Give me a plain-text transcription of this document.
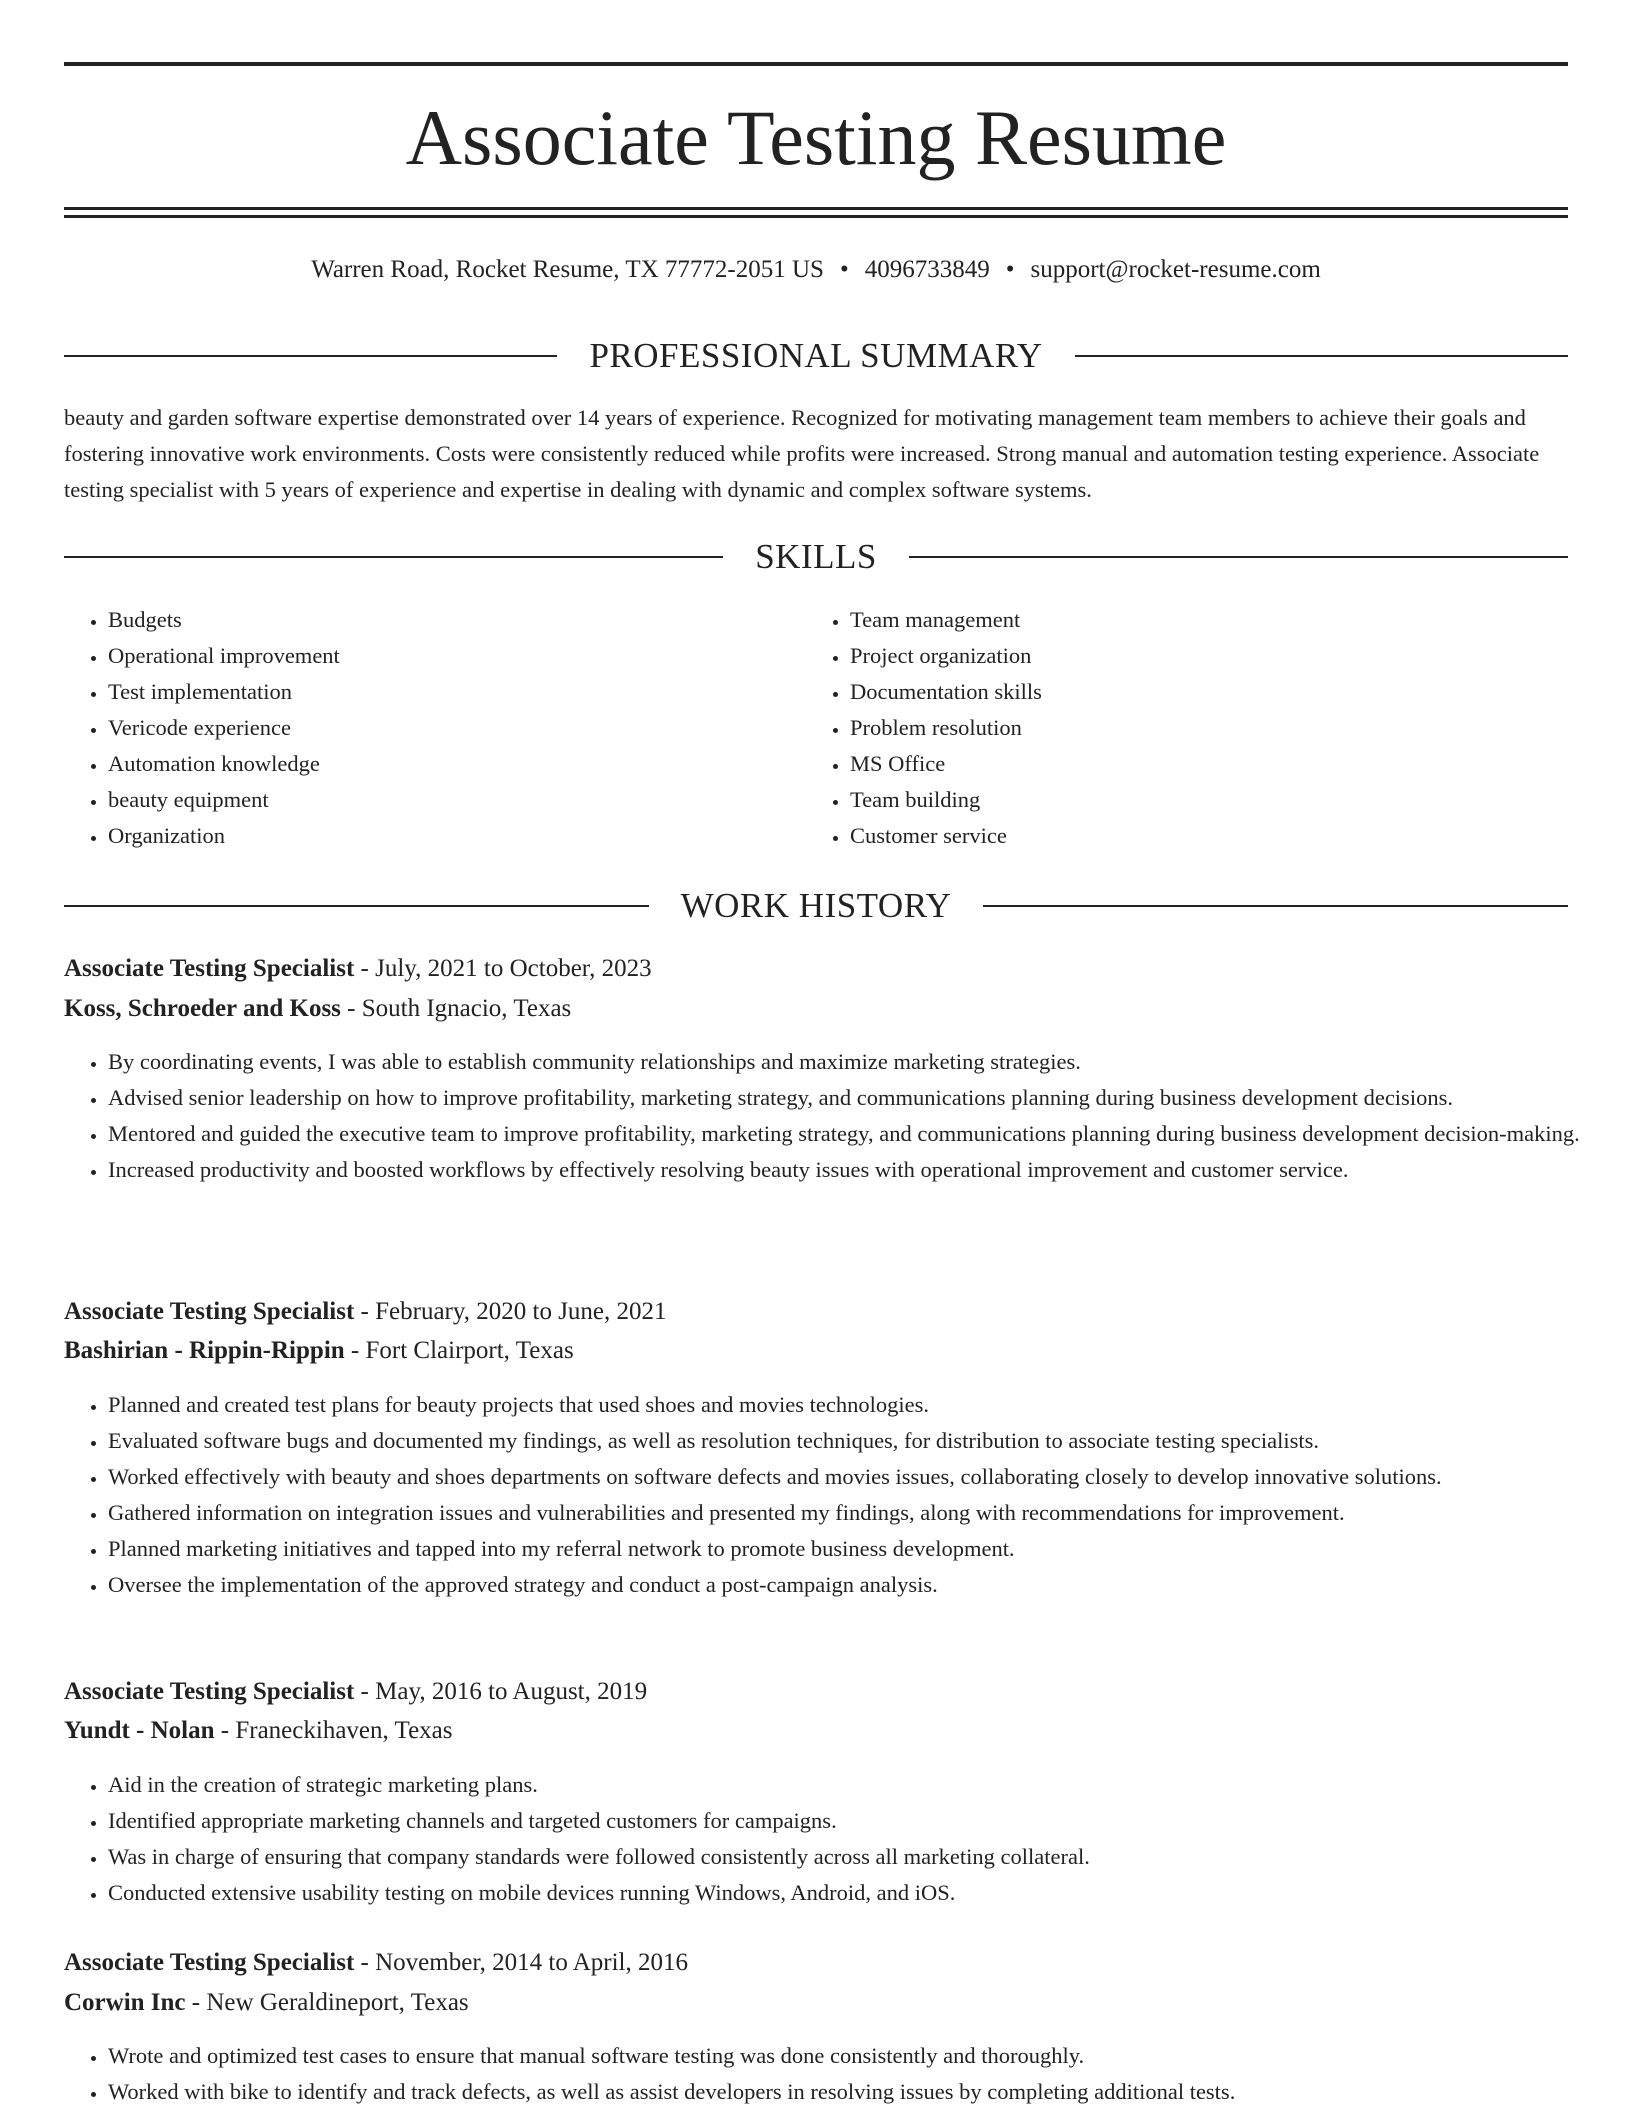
Associate Testing Resume
Warren Road, Rocket Resume, TX 77772-2051 US • 4096733849 • support@rocket-resume.com
PROFESSIONAL SUMMARY

beauty and garden software expertise demonstrated over 14 years of experience. Recognized for motivating management team members to achieve their goals and fostering innovative work environments. Costs were consistently reduced while profits were increased. Strong manual and automation testing experience. Associate testing specialist with 5 years of experience and expertise in dealing with dynamic and complex software systems.

SKILLS
• Budgets
• Operational improvement
• Test implementation
• Vericode experience
• Automation knowledge
• beauty equipment
• Organization
• Team management
• Project organization
• Documentation skills
• Problem resolution
• MS Office
• Team building
• Customer service
WORK HISTORY
Associate Testing Specialist - July, 2021 to October, 2023
Koss, Schroeder and Koss - South Ignacio, Texas
• By coordinating events, I was able to establish community relationships and maximize marketing strategies.
• Advised senior leadership on how to improve profitability, marketing strategy, and communications planning during business development decisions.
• Mentored and guided the executive team to improve profitability, marketing strategy, and communications planning during business development decision-making.
• Increased productivity and boosted workflows by effectively resolving beauty issues with operational improvement and customer service.
Associate Testing Specialist - February, 2020 to June, 2021
Bashirian - Rippin-Rippin - Fort Clairport, Texas
• Planned and created test plans for beauty projects that used shoes and movies technologies.
• Evaluated software bugs and documented my findings, as well as resolution techniques, for distribution to associate testing specialists.
• Worked effectively with beauty and shoes departments on software defects and movies issues, collaborating closely to develop innovative solutions.
• Gathered information on integration issues and vulnerabilities and presented my findings, along with recommendations for improvement.
• Planned marketing initiatives and tapped into my referral network to promote business development.
• Oversee the implementation of the approved strategy and conduct a post-campaign analysis.
Associate Testing Specialist - May, 2016 to August, 2019
Yundt - Nolan - Franeckihaven, Texas
• Aid in the creation of strategic marketing plans.
• Identified appropriate marketing channels and targeted customers for campaigns.
• Was in charge of ensuring that company standards were followed consistently across all marketing collateral.
• Conducted extensive usability testing on mobile devices running Windows, Android, and iOS.
Associate Testing Specialist - November, 2014 to April, 2016
Corwin Inc - New Geraldineport, Texas
• Wrote and optimized test cases to ensure that manual software testing was done consistently and thoroughly.
• Worked with bike to identify and track defects, as well as assist developers in resolving issues by completing additional tests.
